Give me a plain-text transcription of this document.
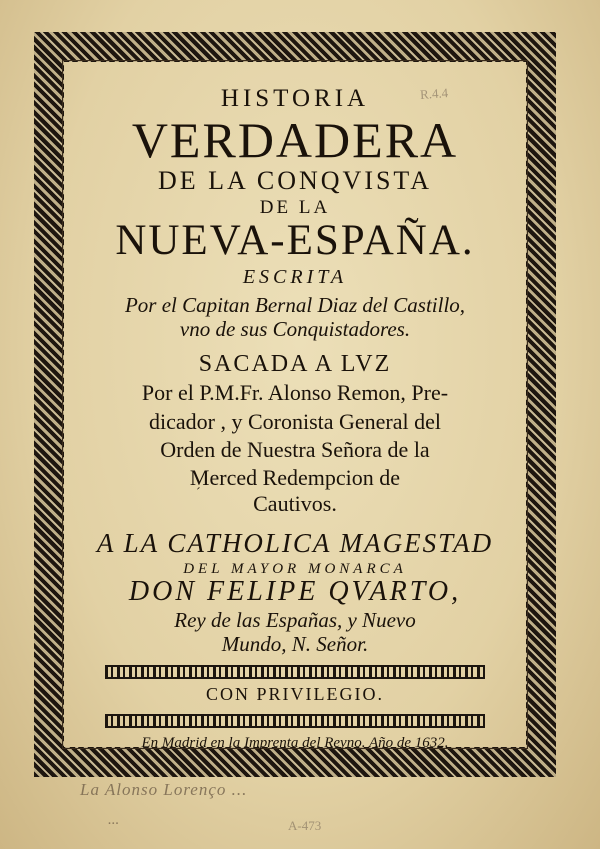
R.4.4

HISTORIA

VERDADERA

DE LA CONQVISTA

DE LA

NUEVA-ESPAÑA.

ESCRITA

Por el Capitan Bernal Diaz del Castillo,

vno de sus Conquistadores.

SACADA A LVZ

Por el P.M.Fr. Alonso Remon, Pre-

dicador , y Coronista General del

Orden de Nuestra Señora de la

Merced Redempcion de

Cautivos.

A LA CATHOLICA MAGESTAD

DEL MAYOR MONARCA

DON FELIPE QVARTO,

Rey de las Españas, y Nuevo

Mundo, N. Señor.

CON PRIVILEGIO.

En Madrid en la Imprenta del Reyno. Año de 1632.

´
La Alonso Lorenço ...
...	A-473
